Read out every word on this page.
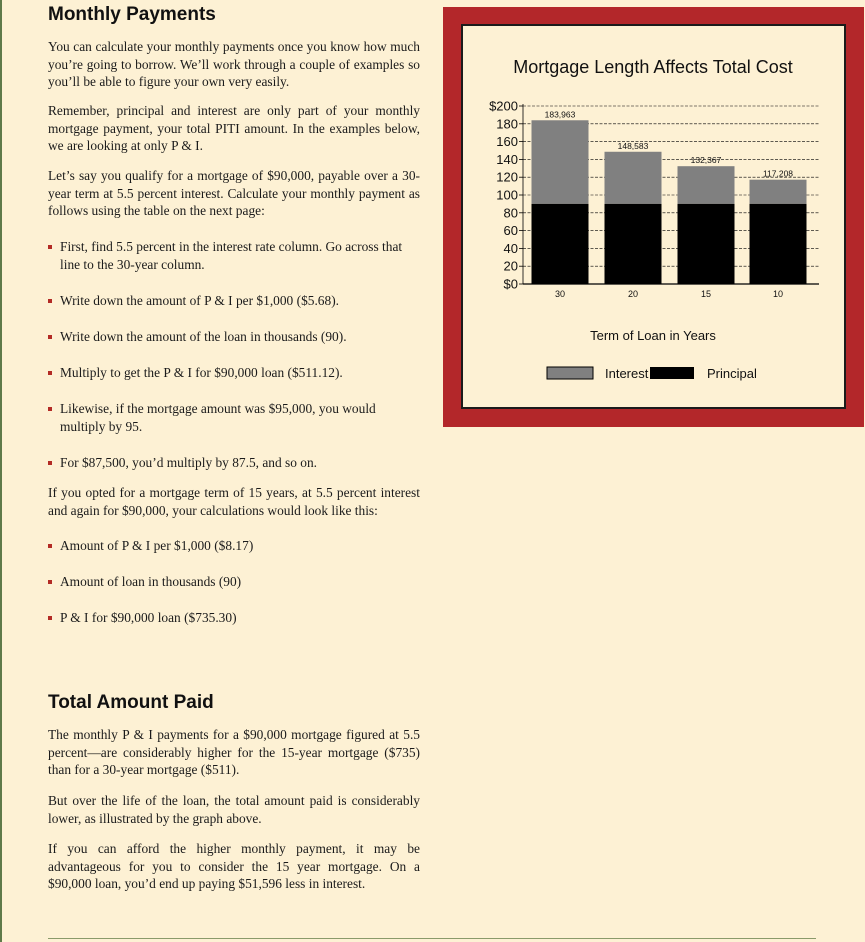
Monthly Payments

You can calculate your monthly payments once you know how much you’re going to borrow. We’ll work through a couple of examples so you’ll be able to figure your own very easily.

Remember, principal and interest are only part of your monthly mortgage payment, your total PITI amount. In the examples below, we are looking at only P & I.

Let’s say you qualify for a mortgage of $90,000, payable over a 30-year term at 5.5 percent interest. Calculate your monthly payment as follows using the table on the next page:

First, find 5.5 percent in the interest rate column. Go across that line to the 30-year column.
Write down the amount of P & I per $1,000 ($5.68).
Write down the amount of the loan in thousands (90).
Multiply to get the P & I for $90,000 loan ($511.12).
Likewise, if the mortgage amount was $95,000, you would multiply by 95.
For $87,500, you’d multiply by 87.5, and so on.

If you opted for a mortgage term of 15 years, at 5.5 percent interest and again for $90,000, your calculations would look like this:

Amount of P & I per $1,000 ($8.17)
Amount of loan in thousands (90)
P & I for $90,000 loan ($735.30)
Total Amount Paid

The monthly P & I payments for a $90,000 mortgage figured at 5.5 percent—are considerably higher for the 15-year mortgage ($735) than for a 30-year mortgage ($511).

But over the life of the loan, the total amount paid is considerably lower, as illustrated by the graph above.

If you can afford the higher monthly payment, it may be advantageous for you to consider the 15 year mortgage. On a $90,000 loan, you’d end up paying $51,596 less in interest.

Mortgage Length Affects Total Cost
183,963
148,583
132,367
117,208
$0
20
40
60
80
100
120
140
160
180
$200
30	20	15	10
Term of Loan in Years
Interest	Principal
